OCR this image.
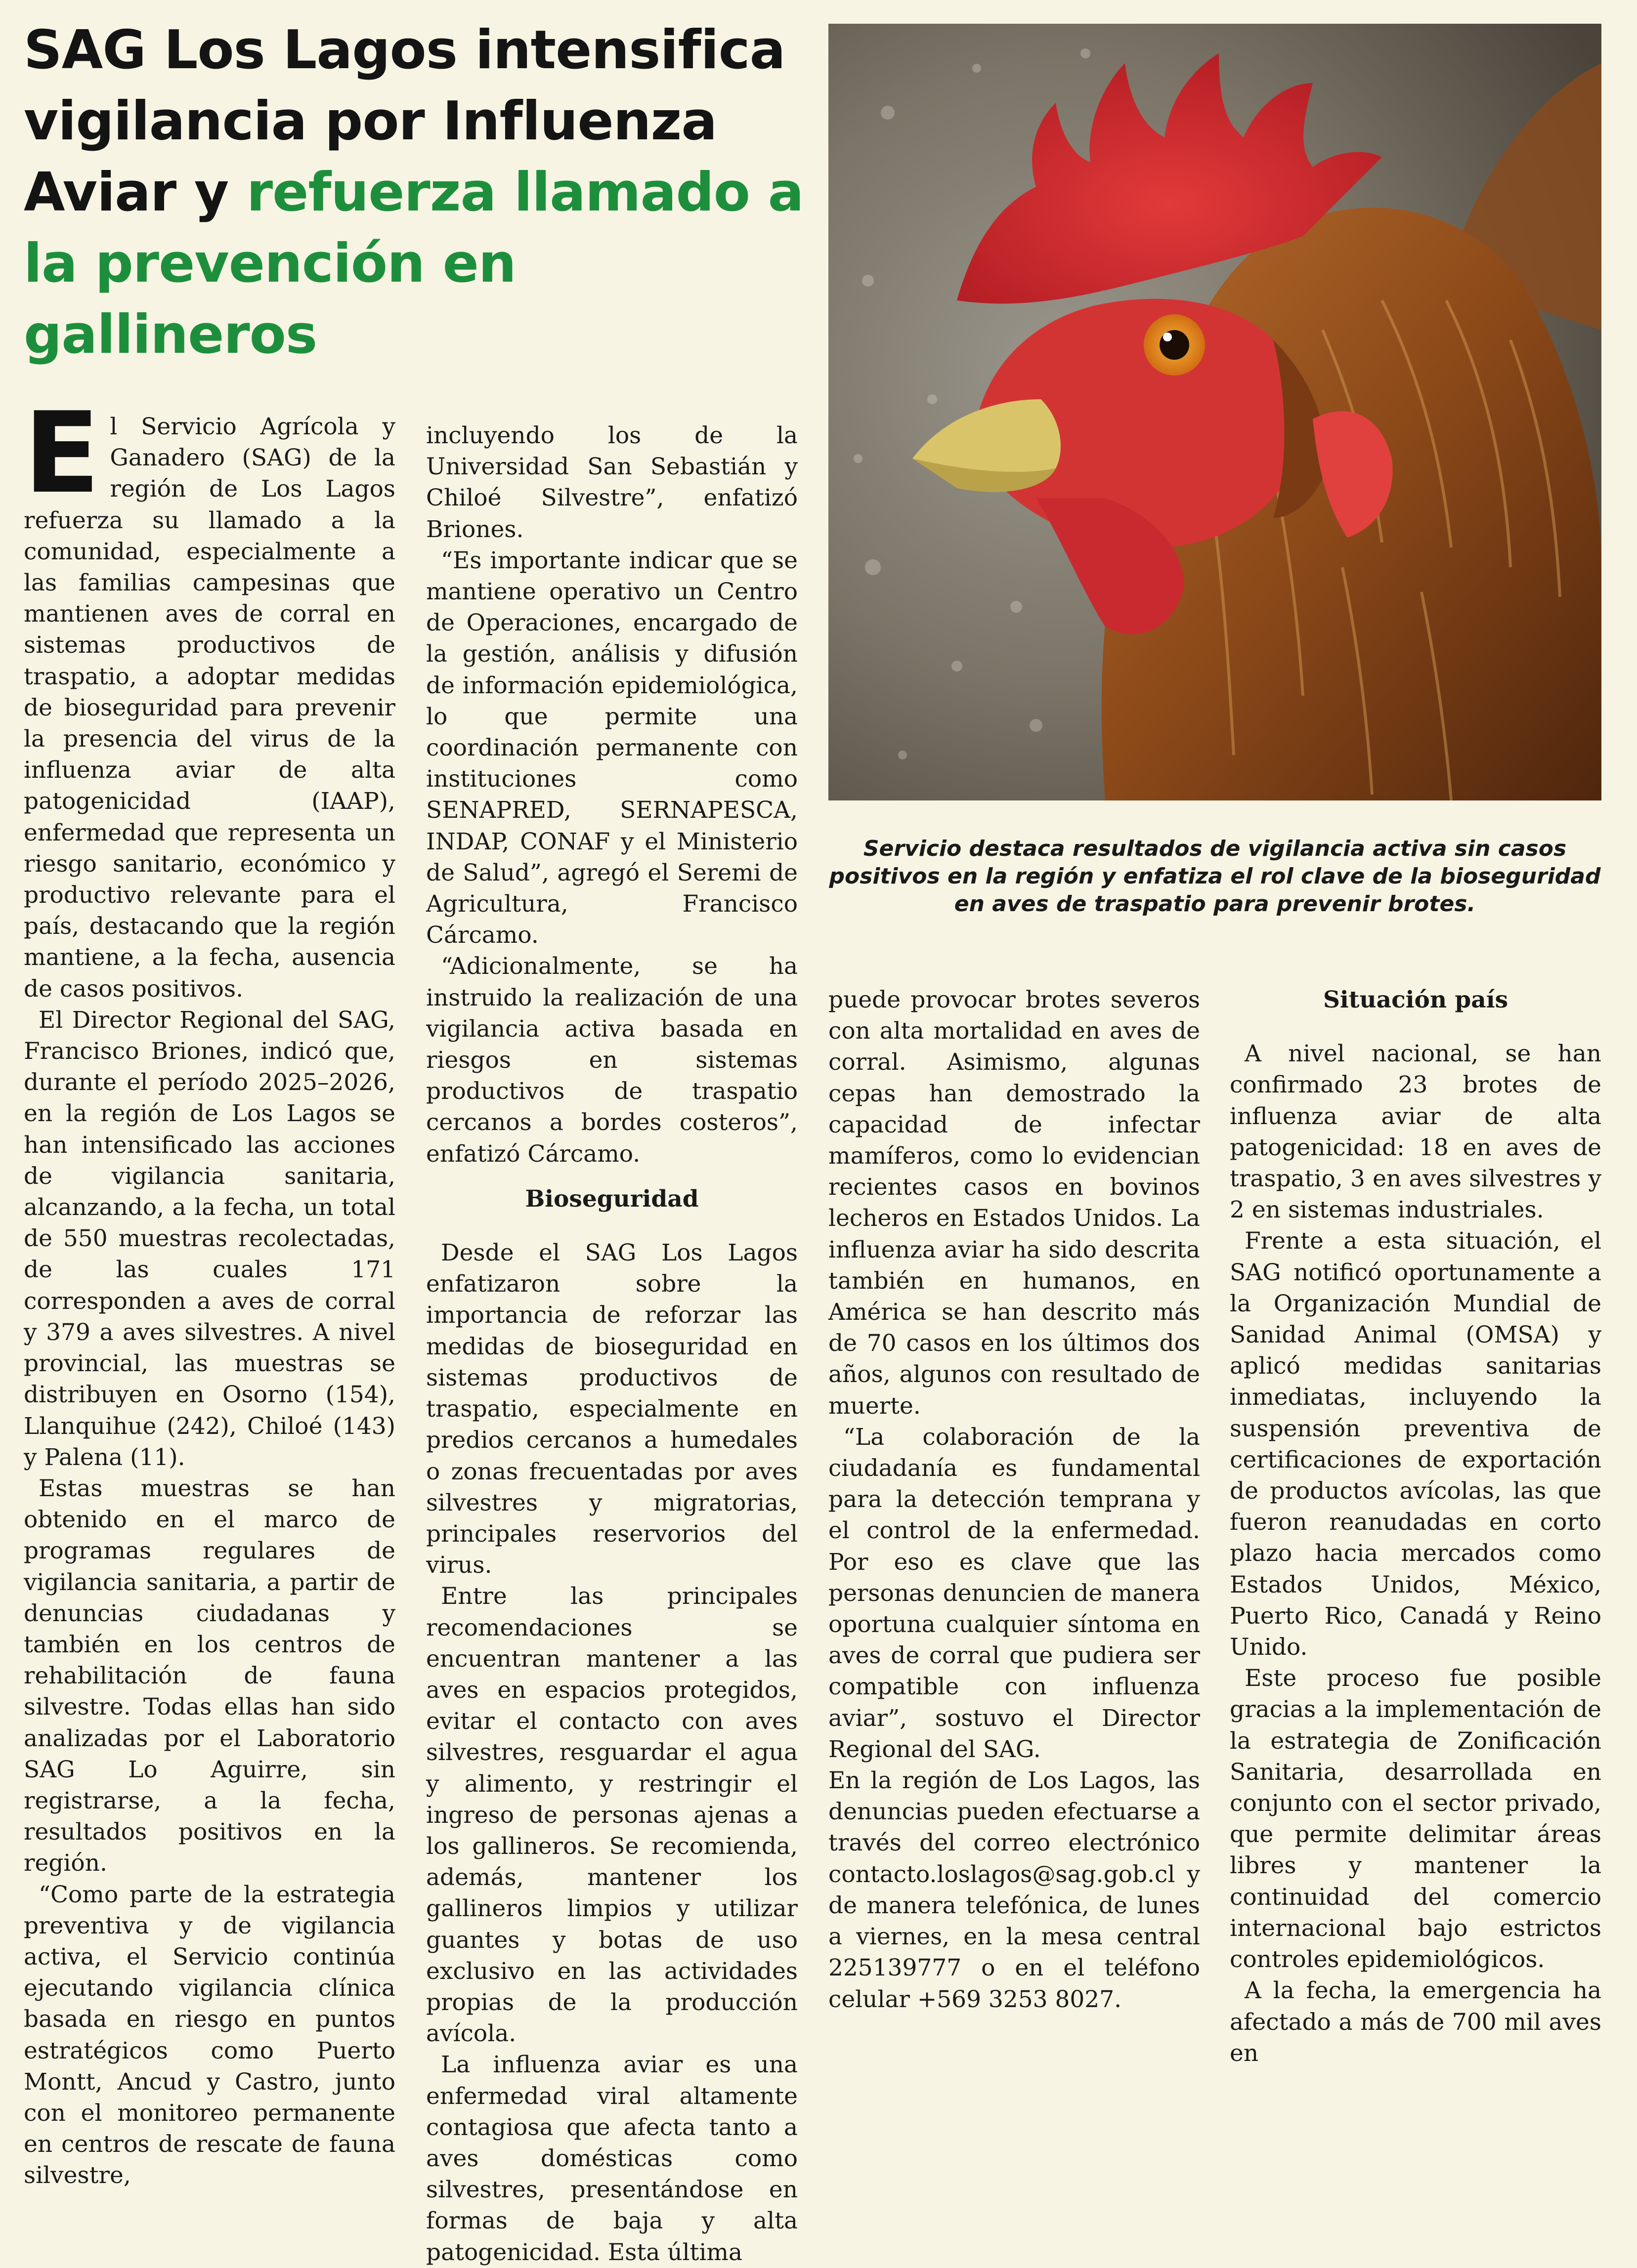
SAG Los Lagos intensifica vigilancia por Influenza Aviar y refuerza llamado a la prevención en gallineros
Servicio destaca resultados de vigilancia activa sin casos positivos en la región y enfatiza el rol clave de la bioseguridad en aves de traspatio para prevenir brotes.

El Servicio Agrícola y Ganadero (SAG) de la región de Los Lagos refuerza su llamado a la comunidad, especialmente a las familias campesinas que mantienen aves de corral en sistemas productivos de traspatio, a adoptar medidas de bioseguridad para prevenir la presencia del virus de la influenza aviar de alta patogenicidad (IAAP), enfermedad que representa un riesgo sanitario, económico y productivo relevante para el país, destacando que la región mantiene, a la fecha, ausencia de casos positivos.

El Director Regional del SAG, Francisco Briones, indicó que, durante el período 2025–2026, en la región de Los Lagos se han intensificado las acciones de vigilancia sanitaria, alcanzando, a la fecha, un total de 550 muestras recolectadas, de las cuales 171 corresponden a aves de corral y 379 a aves silvestres. A nivel provincial, las muestras se distribuyen en Osorno (154), Llanquihue (242), Chiloé (143) y Palena (11).

Estas muestras se han obtenido en el marco de programas regulares de vigilancia sanitaria, a partir de denuncias ciudadanas y también en los centros de rehabilitación de fauna silvestre. Todas ellas han sido analizadas por el Laboratorio SAG Lo Aguirre, sin registrarse, a la fecha, resultados positivos en la región.

“Como parte de la estrategia preventiva y de vigilancia activa, el Servicio continúa ejecutando vigilancia clínica basada en riesgo en puntos estratégicos como Puerto Montt, Ancud y Castro, junto con el monitoreo permanente en centros de rescate de fauna silvestre,

incluyendo los de la Universidad San Sebastián y Chiloé Silvestre”, enfatizó Briones.

“Es importante indicar que se mantiene operativo un Centro de Operaciones, encargado de la gestión, análisis y difusión de información epidemiológica, lo que permite una coordinación permanente con instituciones como SENAPRED, SERNAPESCA, INDAP, CONAF y el Ministerio de Salud”, agregó el Seremi de Agricultura, Francisco Cárcamo.

“Adicionalmente, se ha instruido la realización de una vigilancia activa basada en riesgos en sistemas productivos de traspatio cercanos a bordes costeros”, enfatizó Cárcamo.

Bioseguridad

Desde el SAG Los Lagos enfatizaron sobre la importancia de reforzar las medidas de bioseguridad en sistemas productivos de traspatio, especialmente en predios cercanos a humedales o zonas frecuentadas por aves silvestres y migratorias, principales reservorios del virus.

Entre las principales recomendaciones se encuentran mantener a las aves en espacios protegidos, evitar el contacto con aves silvestres, resguardar el agua y alimento, y restringir el ingreso de personas ajenas a los gallineros. Se recomienda, además, mantener los gallineros limpios y utilizar guantes y botas de uso exclusivo en las actividades propias de la producción avícola.

La influenza aviar es una enfermedad viral altamente contagiosa que afecta tanto a aves domésticas como silvestres, presentándose en formas de baja y alta patogenicidad. Esta última

puede provocar brotes severos con alta mortalidad en aves de corral. Asimismo, algunas cepas han demostrado la capacidad de infectar mamíferos, como lo evidencian recientes casos en bovinos lecheros en Estados Unidos. La influenza aviar ha sido descrita también en humanos, en América se han descrito más de 70 casos en los últimos dos años, algunos con resultado de muerte.

“La colaboración de la ciudadanía es fundamental para la detección temprana y el control de la enfermedad. Por eso es clave que las personas denuncien de manera oportuna cualquier síntoma en aves de corral que pudiera ser compatible con influenza aviar”, sostuvo el Director Regional del SAG.

En la región de Los Lagos, las denuncias pueden efectuarse a través del correo electrónico contacto.loslagos@sag.gob.cl y de manera telefónica, de lunes a viernes, en la mesa central 225139777 o en el teléfono celular +569 3253 8027.

Situación país

A nivel nacional, se han confirmado 23 brotes de influenza aviar de alta patogenicidad: 18 en aves de traspatio, 3 en aves silvestres y 2 en sistemas industriales.

Frente a esta situación, el SAG notificó oportunamente a la Organización Mundial de Sanidad Animal (OMSA) y aplicó medidas sanitarias inmediatas, incluyendo la suspensión preventiva de certificaciones de exportación de productos avícolas, las que fueron reanudadas en corto plazo hacia mercados como Estados Unidos, México, Puerto Rico, Canadá y Reino Unido.

Este proceso fue posible gracias a la implementación de la estrategia de Zonificación Sanitaria, desarrollada en conjunto con el sector privado, que permite delimitar áreas libres y mantener la continuidad del comercio internacional bajo estrictos controles epidemiológicos.

A la fecha, la emergencia ha afectado a más de 700 mil aves en
